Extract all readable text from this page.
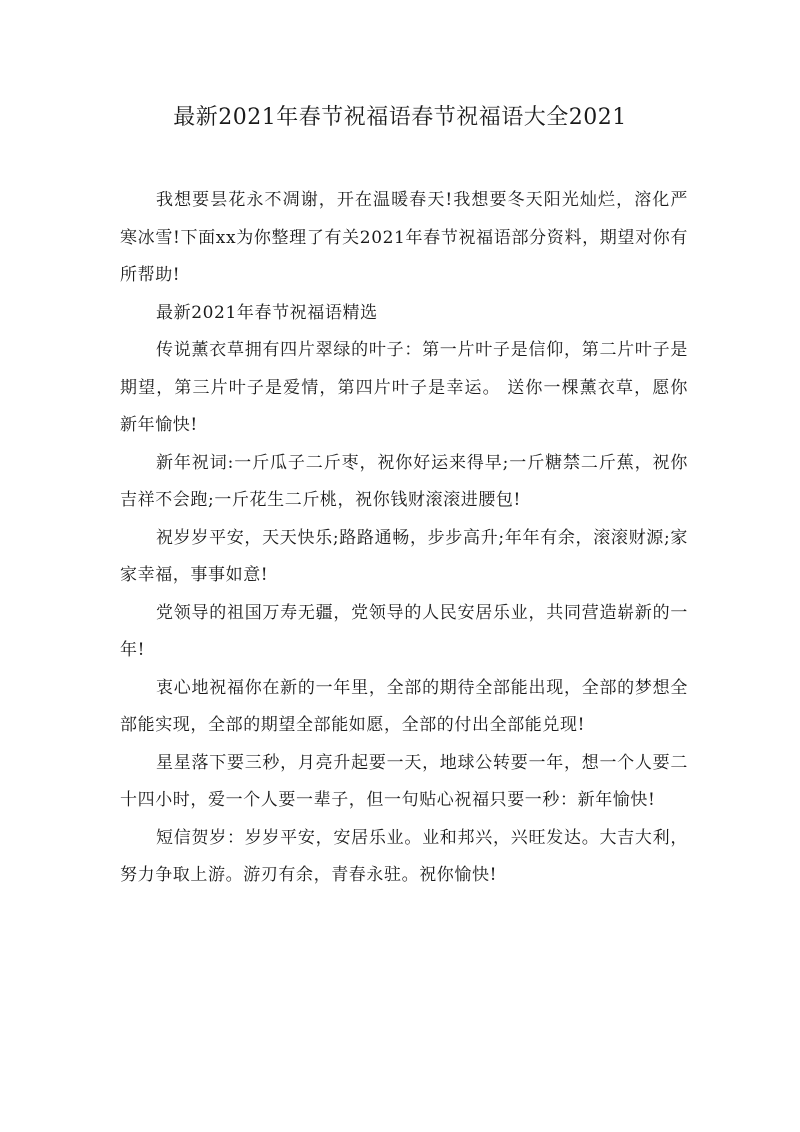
最新2021年春节祝福语春节祝福语大全2021

我想要昙花永不凋谢，开在温暖春天!我想要冬天阳光灿烂，溶化严寒冰雪!下面xx为你整理了有关2021年春节祝福语部分资料，期望对你有所帮助!

最新2021年春节祝福语精选

传说薰衣草拥有四片翠绿的叶子：第一片叶子是信仰，第二片叶子是期望，第三片叶子是爱情，第四片叶子是幸运。 送你一棵薰衣草，愿你新年愉快!

新年祝词:一斤瓜子二斤枣，祝你好运来得早;一斤糖禁二斤蕉，祝你吉祥不会跑;一斤花生二斤桃，祝你钱财滚滚进腰包!

祝岁岁平安，天天快乐;路路通畅，步步高升;年年有余，滚滚财源;家家幸福，事事如意!

党领导的祖国万寿无疆，党领导的人民安居乐业，共同营造崭新的一年!

衷心地祝福你在新的一年里，全部的期待全部能出现，全部的梦想全部能实现，全部的期望全部能如愿，全部的付出全部能兑现!

星星落下要三秒，月亮升起要一天，地球公转要一年，想一个人要二十四小时，爱一个人要一辈子，但一句贴心祝福只要一秒：新年愉快!

短信贺岁：岁岁平安，安居乐业。业和邦兴，兴旺发达。大吉大利，努力争取上游。游刃有余，青春永驻。祝你愉快!
